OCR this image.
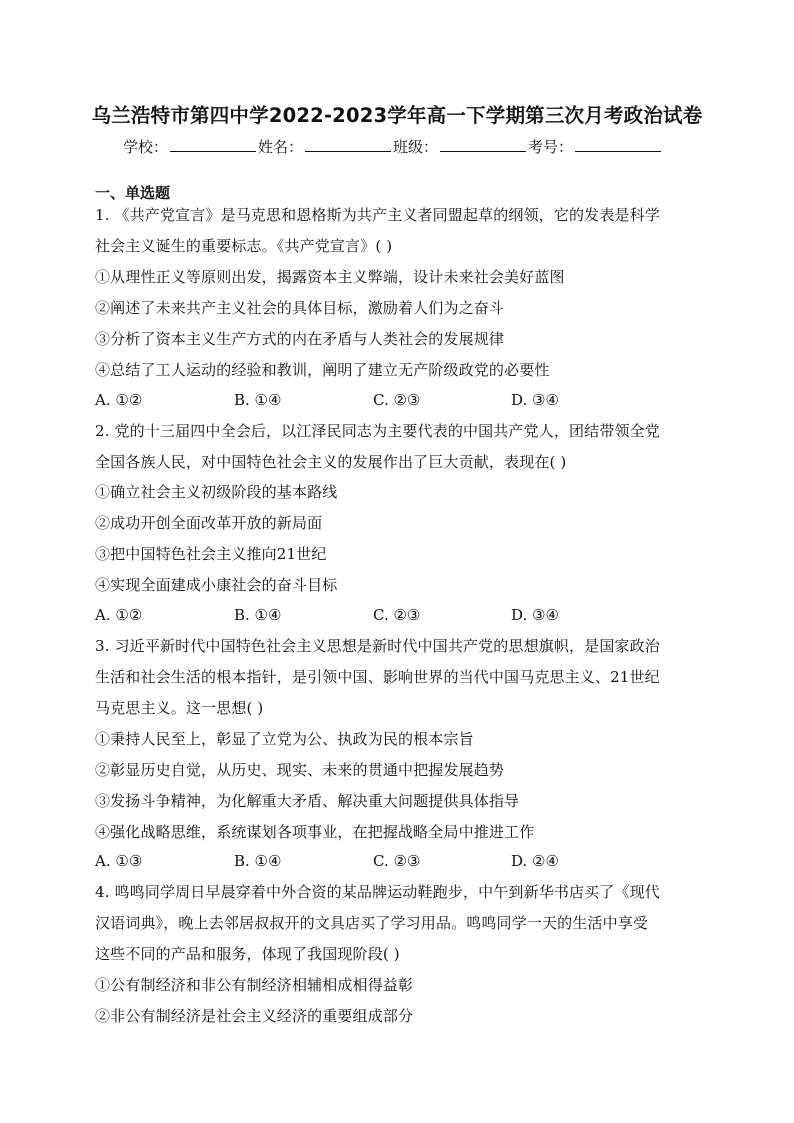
乌兰浩特市第四中学2022-2023学年高一下学期第三次月考政治试卷
学校：	姓名：	班级：	考号：
一、单选题
1. 《共产党宣言》是马克思和恩格斯为共产主义者同盟起草的纲领，它的发表是科学
社会主义诞生的重要标志。《共产党宣言》( )
①从理性正义等原则出发，揭露资本主义弊端，设计未来社会美好蓝图
②阐述了未来共产主义社会的具体目标，激励着人们为之奋斗
③分析了资本主义生产方式的内在矛盾与人类社会的发展规律
④总结了工人运动的经验和教训，阐明了建立无产阶级政党的必要性
A. ①②	B. ①④	C. ②③	D. ③④
2. 党的十三届四中全会后，以江泽民同志为主要代表的中国共产党人，团结带领全党
全国各族人民，对中国特色社会主义的发展作出了巨大贡献，表现在( )
①确立社会主义初级阶段的基本路线
②成功开创全面改革开放的新局面
③把中国特色社会主义推向21世纪
④实现全面建成小康社会的奋斗目标
A. ①②	B. ①④	C. ②③	D. ③④
3. 习近平新时代中国特色社会主义思想是新时代中国共产党的思想旗帜，是国家政治
生活和社会生活的根本指针，是引领中国、影响世界的当代中国马克思主义、21世纪
马克思主义。这一思想( )
①秉持人民至上，彰显了立党为公、执政为民的根本宗旨
②彰显历史自觉，从历史、现实、未来的贯通中把握发展趋势
③发扬斗争精神，为化解重大矛盾、解决重大问题提供具体指导
④强化战略思维，系统谋划各项事业，在把握战略全局中推进工作
A. ①③	B. ①④	C. ②③	D. ②④
4. 鸣鸣同学周日早晨穿着中外合资的某品牌运动鞋跑步，中午到新华书店买了《现代
汉语词典》，晚上去邻居叔叔开的文具店买了学习用品。鸣鸣同学一天的生活中享受
这些不同的产品和服务，体现了我国现阶段( )
①公有制经济和非公有制经济相辅相成相得益彰
②非公有制经济是社会主义经济的重要组成部分
